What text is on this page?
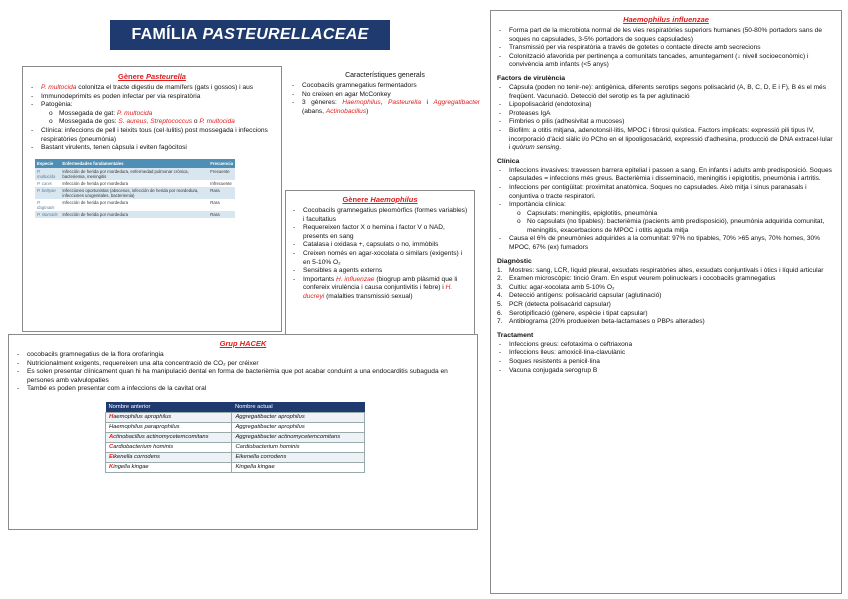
FAMÍLIA PASTEURELLACEAE
Gènere Pasteurella
- P. multocida colonitza el tracte digestiu de mamífers (gats i gossos) i aus
- Immunodeprimits es poden infectar per via respiratòria
- Patogènia:
o Mossegada de gat: P. multocida
o Mossegada de gos: S. aureus, Streptococcus o P. multocida
- Clínica: infeccions de pell i teixits tous (cel·lulitis) post mossegada i infeccions respiratòries (pneumònia)
- Bastant virulents, tenen càpsula i eviten fagòcitosi
Especie	Enfermedades fundamentales	Frecuencia
P. multocida	Infección de herida por mordedura, enfermedad pulmonar crónica, bacteriemia, meningitis	Frecuente
P. canis	Infección de herida por mordedura	Infrecuente
P. bettyae	Infecciones oportunistas (abscesos, infección de herida por mordedura, infecciones urogenitales, bacteriemia)	Rara
P. dagmatis	Infección de herida por mordedura	Rara
P. stomatis	Infección de herida por mordedura	Rara
Característiques generals
- Cocobacils gramnegatius fermentadors
- No creixen en agar McConkey
- 3 gèneres: Haemophilus, Pasteurella i Aggregatibacter (abans, Actinobacillus)
Gènere Haemophilus
- Cocobacils gramnegatius pleomòrfics (formes variables) i facultatius
- Requereixen factor X o hemina i factor V o NAD, presents en sang
- Catalasa i oxidasa +, capsulats o no, immòbils
- Creixen només en agar-xocolata o similars (exigents) i en 5-10% O₂
- Sensibles a agents externs
- Importants H. influenzae (biogrup amb plàsmid que li confereix virulència i causa conjuntivitis i febre) i H. ducreyi (malalties transmissió sexual)
Grup HACEK
- cocobacils gramnegatius de la flora orofaríngia
- Nutricionalment exigents, requereixen una alta concentració de CO₂ per créixer
- Es solen presentar clínicament quan hi ha manipulació dental en forma de bacterièmia que pot acabar conduint a una endocarditis subaguda en persones amb valvulopaties
- També es poden presentar com a infeccions de la cavitat oral
Nombre anterior	Nombre actual
Haemophilus aprophilus	Aggregatibacter aprophilus
Haemophilus paraprophilus	Aggregatibacter aprophilus
Actinobacillus actinomycetemcomitans	Aggregatibacter actinomycetemcomitans
Cardiobacterium hominis	Cardiobacterium hominis
Eikenella corrodens	Eikenella corrodens
Kingella kingae	Kingella kingae
Haemophilus influenzae
- Forma part de la microbiota normal de les vies respiratòries superiors humanes (50-80% portadors sans de soques no capsulades, 3-5% portadors de soques capsulades)
- Transmissió per via respiratòria a través de gotetes o contacte directe amb secrecions
- Colonització afavorida per pertinença a comunitats tancades, amuntegament (↓ nivell socioeconòmic) i convivència amb infants (<5 anys)
Factors de virulència
- Càpsula (poden no tenir-ne): antigènica, diferents serotips segons polisacàrid (A, B, C, D, E i F), B és el més freqüent. Vacunació. Detecció del serotip es fa per aglutinació
- Lipopolisacàrid (endotoxina)
- Proteases IgA
- Fimbries o pilis (adhesivitat a mucoses)
- Biofilm: a otitis mitjana, adenotonsil·litis, MPOC i fibrosi quística. Factors implicats: expressió pili tipus IV, incorporació d'àcid siàlic i/o PCho en el lipooligosacàrid, expressió d'adhesina, producció de DNA extracel·lular i quòrum sensing.
Clínica
- Infeccions invasives: travessen barrera epitelial i passen a sang. En infants i adults amb predisposició. Soques capsulades = infeccions més greus. Bacterièmia i disseminació, meningitis i epiglotitis, pneumònia i artritis.
- Infeccions per contigüitat: proximitat anatòmica. Soques no capsulades. Això mitja i sinus paranasals i conjuntiva o tracte respiratori.
- Importància clínica:
o Capsulats: meningitis, epiglotitis, pneumònia
o No capsulats (no tipables): bacterièmia (pacients amb predisposició), pneumònia adquirida comunitat, meningitis, exacerbacions de MPOC i otitis aguda mitja
- Causa el 6% de pneumònies adquirides a la comunitat: 97% no tipables, 70% >65 anys, 70% homes, 30% MPOC, 67% (ex) fumadors
Diagnòstic
1. Mostres: sang, LCR, líquid pleural, exsudats respiratòries altes, exsudats conjuntivals i òtics i líquid articular
2. Examen microscòpic: tinció Gram. En esput veurem polinuclears i cocobacils gramnegatius
3. Cultiu: agar-xocolata amb 5-10% O₂
4. Detecció antígens: polisacàrid capsular (aglutinació)
5. PCR (detecta polisacàrid capsular)
6. Serotipificació (gènere, espècie i tipat capsular)
7. Antibiograma (20% produeixen beta-lactamases o PBPs alterades)
Tractament
- Infeccions greus: cefotaxima o ceftriaxona
- Infeccions lleus: amoxicil·lina-clavulànic
- Soques resistents a penicil·lina
- Vacuna conjugada serogrup B
